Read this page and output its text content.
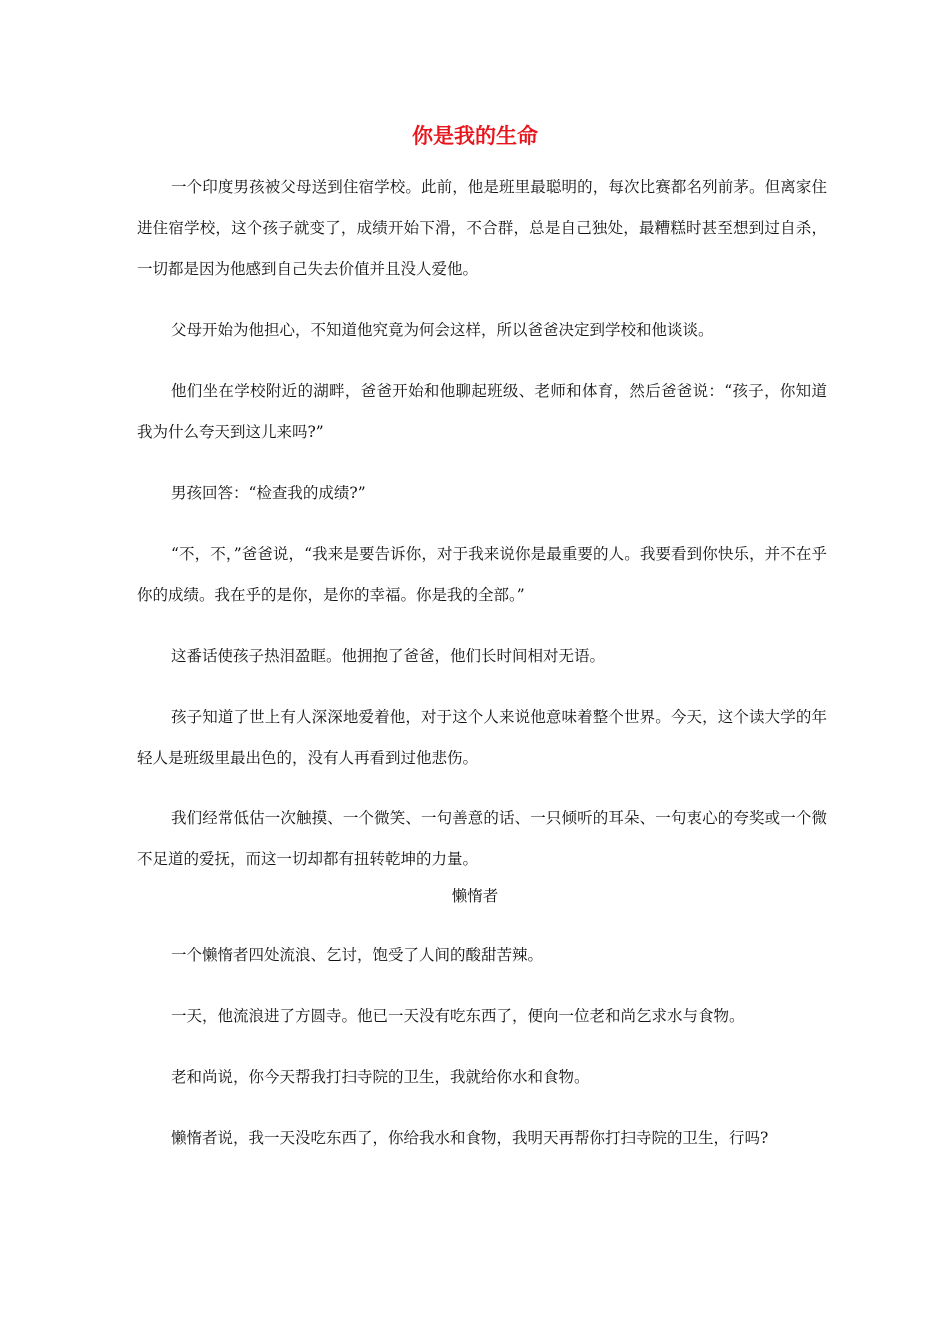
你是我的生命

一个印度男孩被父母送到住宿学校。此前，他是班里最聪明的，每次比赛都名列前茅。但离家住进住宿学校，这个孩子就变了，成绩开始下滑，不合群，总是自己独处，最糟糕时甚至想到过自杀，一切都是因为他感到自己失去价值并且没人爱他。

父母开始为他担心，不知道他究竟为何会这样，所以爸爸决定到学校和他谈谈。

他们坐在学校附近的湖畔，爸爸开始和他聊起班级、老师和体育，然后爸爸说：“孩子，你知道我为什么夸天到这儿来吗?”

男孩回答：“检查我的成绩?”

“不，不，”爸爸说，“我来是要告诉你，对于我来说你是最重要的人。我要看到你快乐，并不在乎你的成绩。我在乎的是你，是你的幸福。你是我的全部。”

这番话使孩子热泪盈眶。他拥抱了爸爸，他们长时间相对无语。

孩子知道了世上有人深深地爱着他，对于这个人来说他意味着整个世界。今天，这个读大学的年轻人是班级里最出色的，没有人再看到过他悲伤。

我们经常低估一次触摸、一个微笑、一句善意的话、一只倾听的耳朵、一句衷心的夸奖或一个微不足道的爱抚，而这一切却都有扭转乾坤的力量。

懒惰者

一个懒惰者四处流浪、乞讨，饱受了人间的酸甜苦辣。

一天，他流浪进了方圆寺。他已一天没有吃东西了，便向一位老和尚乞求水与食物。

老和尚说，你今天帮我打扫寺院的卫生，我就给你水和食物。

懒惰者说，我一天没吃东西了，你给我水和食物，我明天再帮你打扫寺院的卫生，行吗?
